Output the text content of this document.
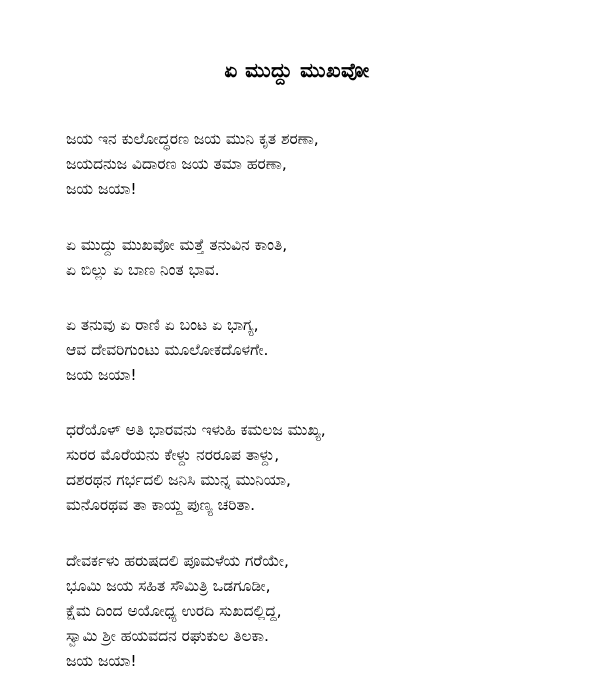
ಏ ಮುದ್ದು ಮುಖವೋ
ಜಯ ಇನ ಕುಲೋದ್ಧರಣ ಜಯ ಮುನಿ ಕೃತ ಶರಣಾ,
ಜಯದನುಜ ವಿದಾರಣ ಜಯ ತಮಾ ಹರಣಾ,
ಜಯ ಜಯಾ!
ಏ ಮುದ್ದು ಮುಖವೋ ಮತ್ತೆ ತನುವಿನ ಕಾಂತಿ,
ಏ ಬಿಲ್ಲು ಏ ಬಾಣ ನಿಂತ ಭಾವ.
ಏ ತನುವು ಏ ರಾಣಿ ಏ ಬಂಟ ಏ ಭಾಗ್ಯ,
ಆವ ದೇವರಿಗುಂಟು ಮೂಲೋಕದೊಳಗೇ.
ಜಯ ಜಯಾ!
ಧರೆಯೊಳ್ ಅತಿ ಭಾರವನು ಇಳುಹಿ ಕಮಲಜ ಮುಖ್ಯ,
ಸುರರ ಮೊರೆಯನು ಕೇಳ್ದು ನರರೂಪ ತಾಳ್ದು,
ದಶರಥನ ಗರ್ಭದಲಿ ಜನಿಸಿ ಮುನ್ನ ಮುನಿಯಾ,
ಮನೊರಥವ ತಾ ಕಾಯ್ದ ಪುಣ್ಯ ಚರಿತಾ.
ದೇವರ್ಕಳು ಹರುಷದಲಿ ಪೂಮಳೆಯ ಗರೆಯೇ,
ಭೂಮಿ ಜಯ ಸಹಿತ ಸೌಮಿತ್ರಿ ಒಡಗೂಡೀ,
ಕ್ಷೆಮ ದಿಂದ ಅಯೋಧ್ಯ ಉರದಿ ಸುಖದಲ್ಲಿದ್ದ,
ಸ್ವಾಮಿ ಶ್ರೀ ಹಯವದನ ರಘುಕುಲ ತಿಲಕಾ.
ಜಯ ಜಯಾ!
